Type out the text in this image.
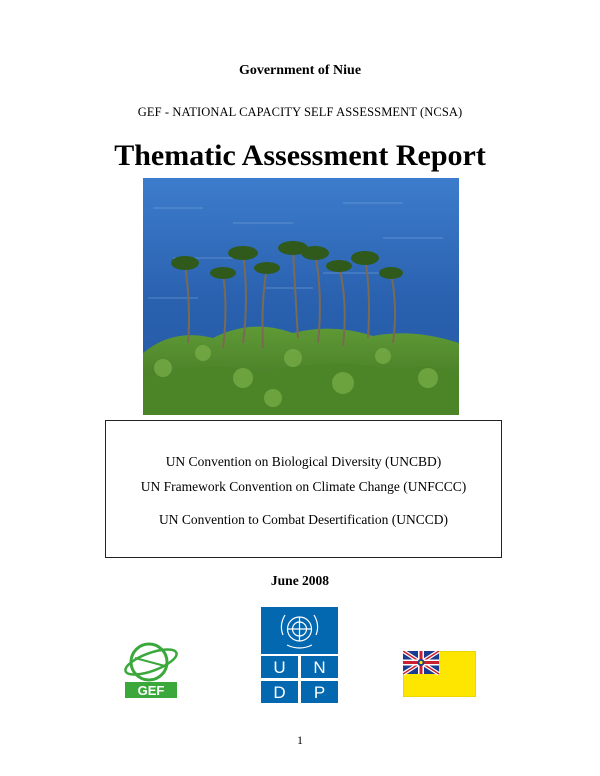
Government of Niue
GEF - NATIONAL CAPACITY SELF ASSESSMENT (NCSA)
Thematic Assessment Report
UN Convention on Biological Diversity (UNCBD)
UN Framework Convention on Climate Change (UNFCCC)
UN Convention to Combat Desertification (UNCCD)
June 2008
GEF
U N
D P
1
